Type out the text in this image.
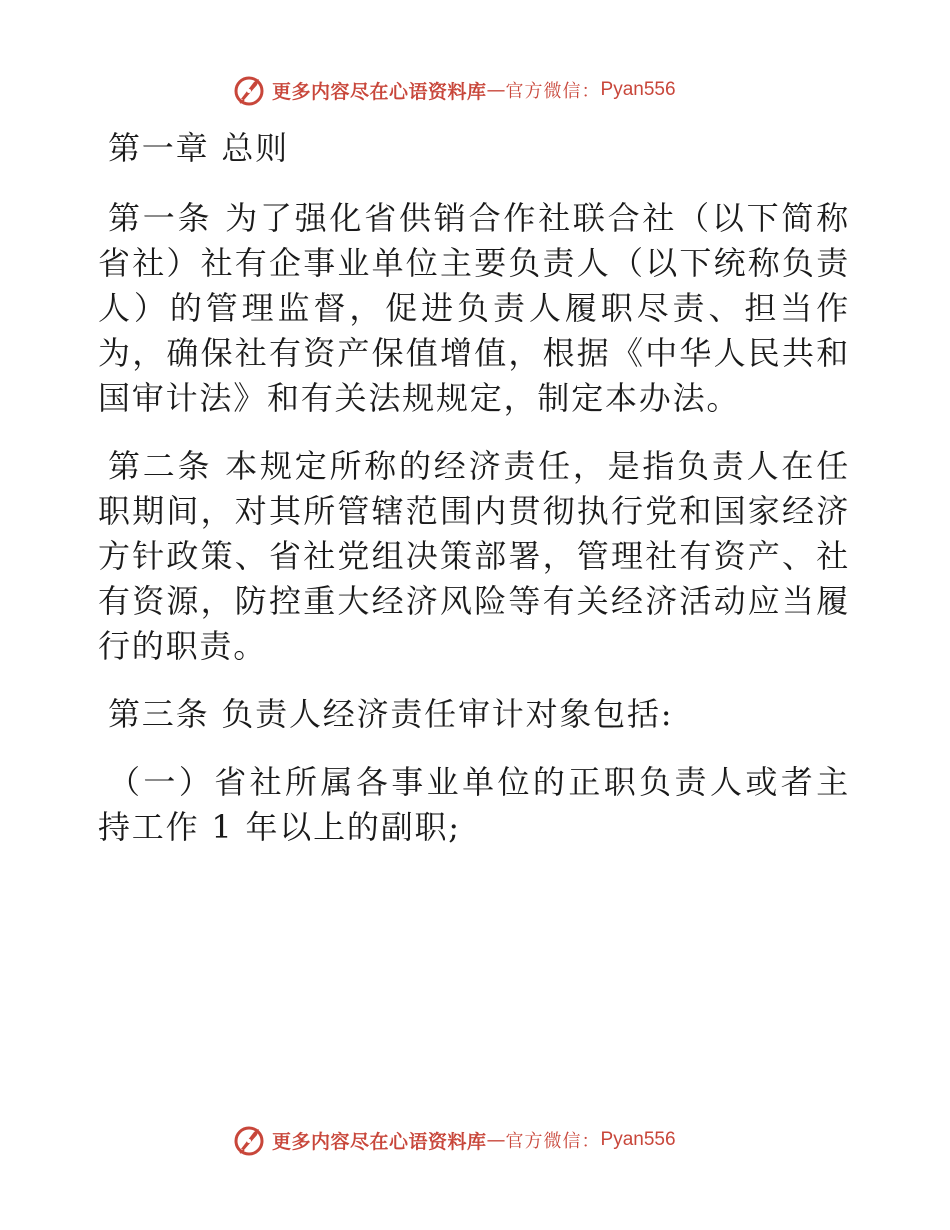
更多内容尽在心语资料库 — 官方微信： Pyan556
第一章 总则

第一条 为了强化省供销合作社联合社（以下简称省社）社有企事业单位主要负责人（以下统称负责人）的管理监督，促进负责人履职尽责、担当作为，确保社有资产保值增值，根据《中华人民共和国审计法》和有关法规规定，制定本办法。

第二条 本规定所称的经济责任，是指负责人在任职期间，对其所管辖范围内贯彻执行党和国家经济方针政策、省社党组决策部署，管理社有资产、社有资源，防控重大经济风险等有关经济活动应当履行的职责。

第三条 负责人经济责任审计对象包括:

（一）省社所属各事业单位的正职负责人或者主持工作 1 年以上的副职;

更多内容尽在心语资料库 — 官方微信： Pyan556
